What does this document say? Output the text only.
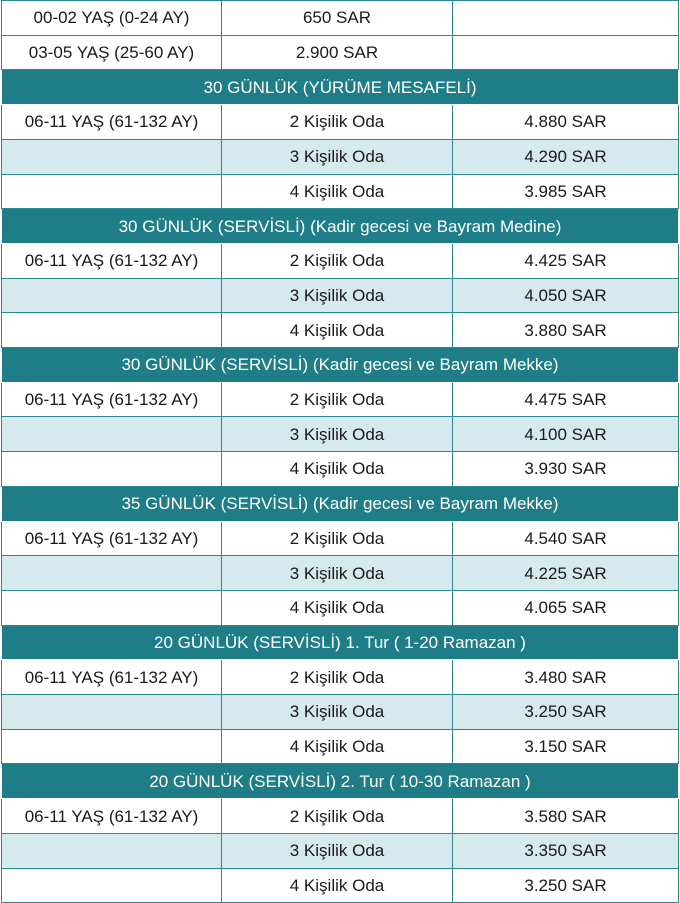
00-02 YAŞ (0-24 AY)	650 SAR	
03-05 YAŞ (25-60 AY)	2.900 SAR	
30 GÜNLÜK (YÜRÜME MESAFELİ)		
06-11 YAŞ (61-132 AY)	2 Kişilik Oda	4.880 SAR
	3 Kişilik Oda	4.290 SAR
	4 Kişilik Oda	3.985 SAR
30 GÜNLÜK (SERVİSLİ) (Kadir gecesi ve Bayram Medine)		
06-11 YAŞ (61-132 AY)	2 Kişilik Oda	4.425 SAR
	3 Kişilik Oda	4.050 SAR
	4 Kişilik Oda	3.880 SAR
30 GÜNLÜK (SERVİSLİ) (Kadir gecesi ve Bayram Mekke)		
06-11 YAŞ (61-132 AY)	2 Kişilik Oda	4.475 SAR
	3 Kişilik Oda	4.100 SAR
	4 Kişilik Oda	3.930 SAR
35 GÜNLÜK (SERVİSLİ) (Kadir gecesi ve Bayram Mekke)		
06-11 YAŞ (61-132 AY)	2 Kişilik Oda	4.540 SAR
	3 Kişilik Oda	4.225 SAR
	4 Kişilik Oda	4.065 SAR
20 GÜNLÜK (SERVİSLİ) 1. Tur ( 1-20 Ramazan )		
06-11 YAŞ (61-132 AY)	2 Kişilik Oda	3.480 SAR
	3 Kişilik Oda	3.250 SAR
	4 Kişilik Oda	3.150 SAR
20 GÜNLÜK (SERVİSLİ) 2. Tur ( 10-30 Ramazan )		
06-11 YAŞ (61-132 AY)	2 Kişilik Oda	3.580 SAR
	3 Kişilik Oda	3.350 SAR
	4 Kişilik Oda	3.250 SAR
